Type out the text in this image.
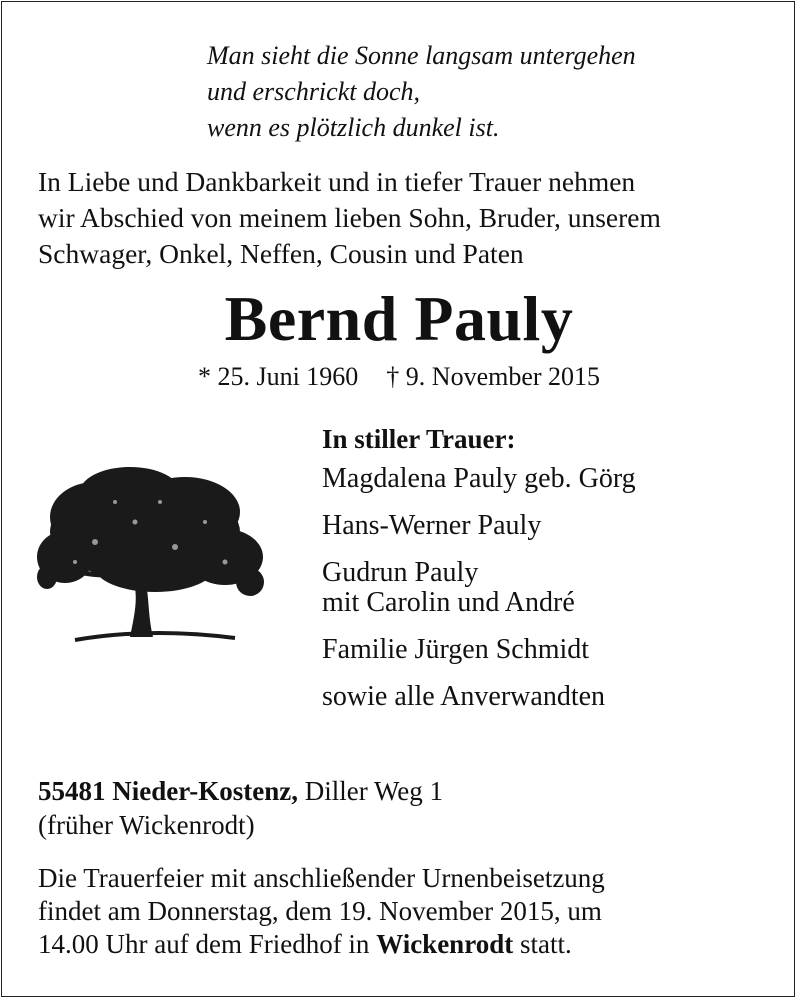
Man sieht die Sonne langsam untergehen
und erschrickt doch,
wenn es plötzlich dunkel ist.
In Liebe und Dankbarkeit und in tiefer Trauer nehmen
wir Abschied von meinem lieben Sohn, Bruder, unserem
Schwager, Onkel, Neffen, Cousin und Paten
Bernd Pauly
* 25. Juni 1960 † 9. November 2015
In stiller Trauer:
Magdalena Pauly geb. Görg
Hans-Werner Pauly
Gudrun Pauly
mit Carolin und André
Familie Jürgen Schmidt
sowie alle Anverwandten
55481 Nieder-Kostenz, Diller Weg 1
(früher Wickenrodt)
Die Trauerfeier mit anschließender Urnenbeisetzung
findet am Donnerstag, dem 19. November 2015, um
14.00 Uhr auf dem Friedhof in Wickenrodt statt.
